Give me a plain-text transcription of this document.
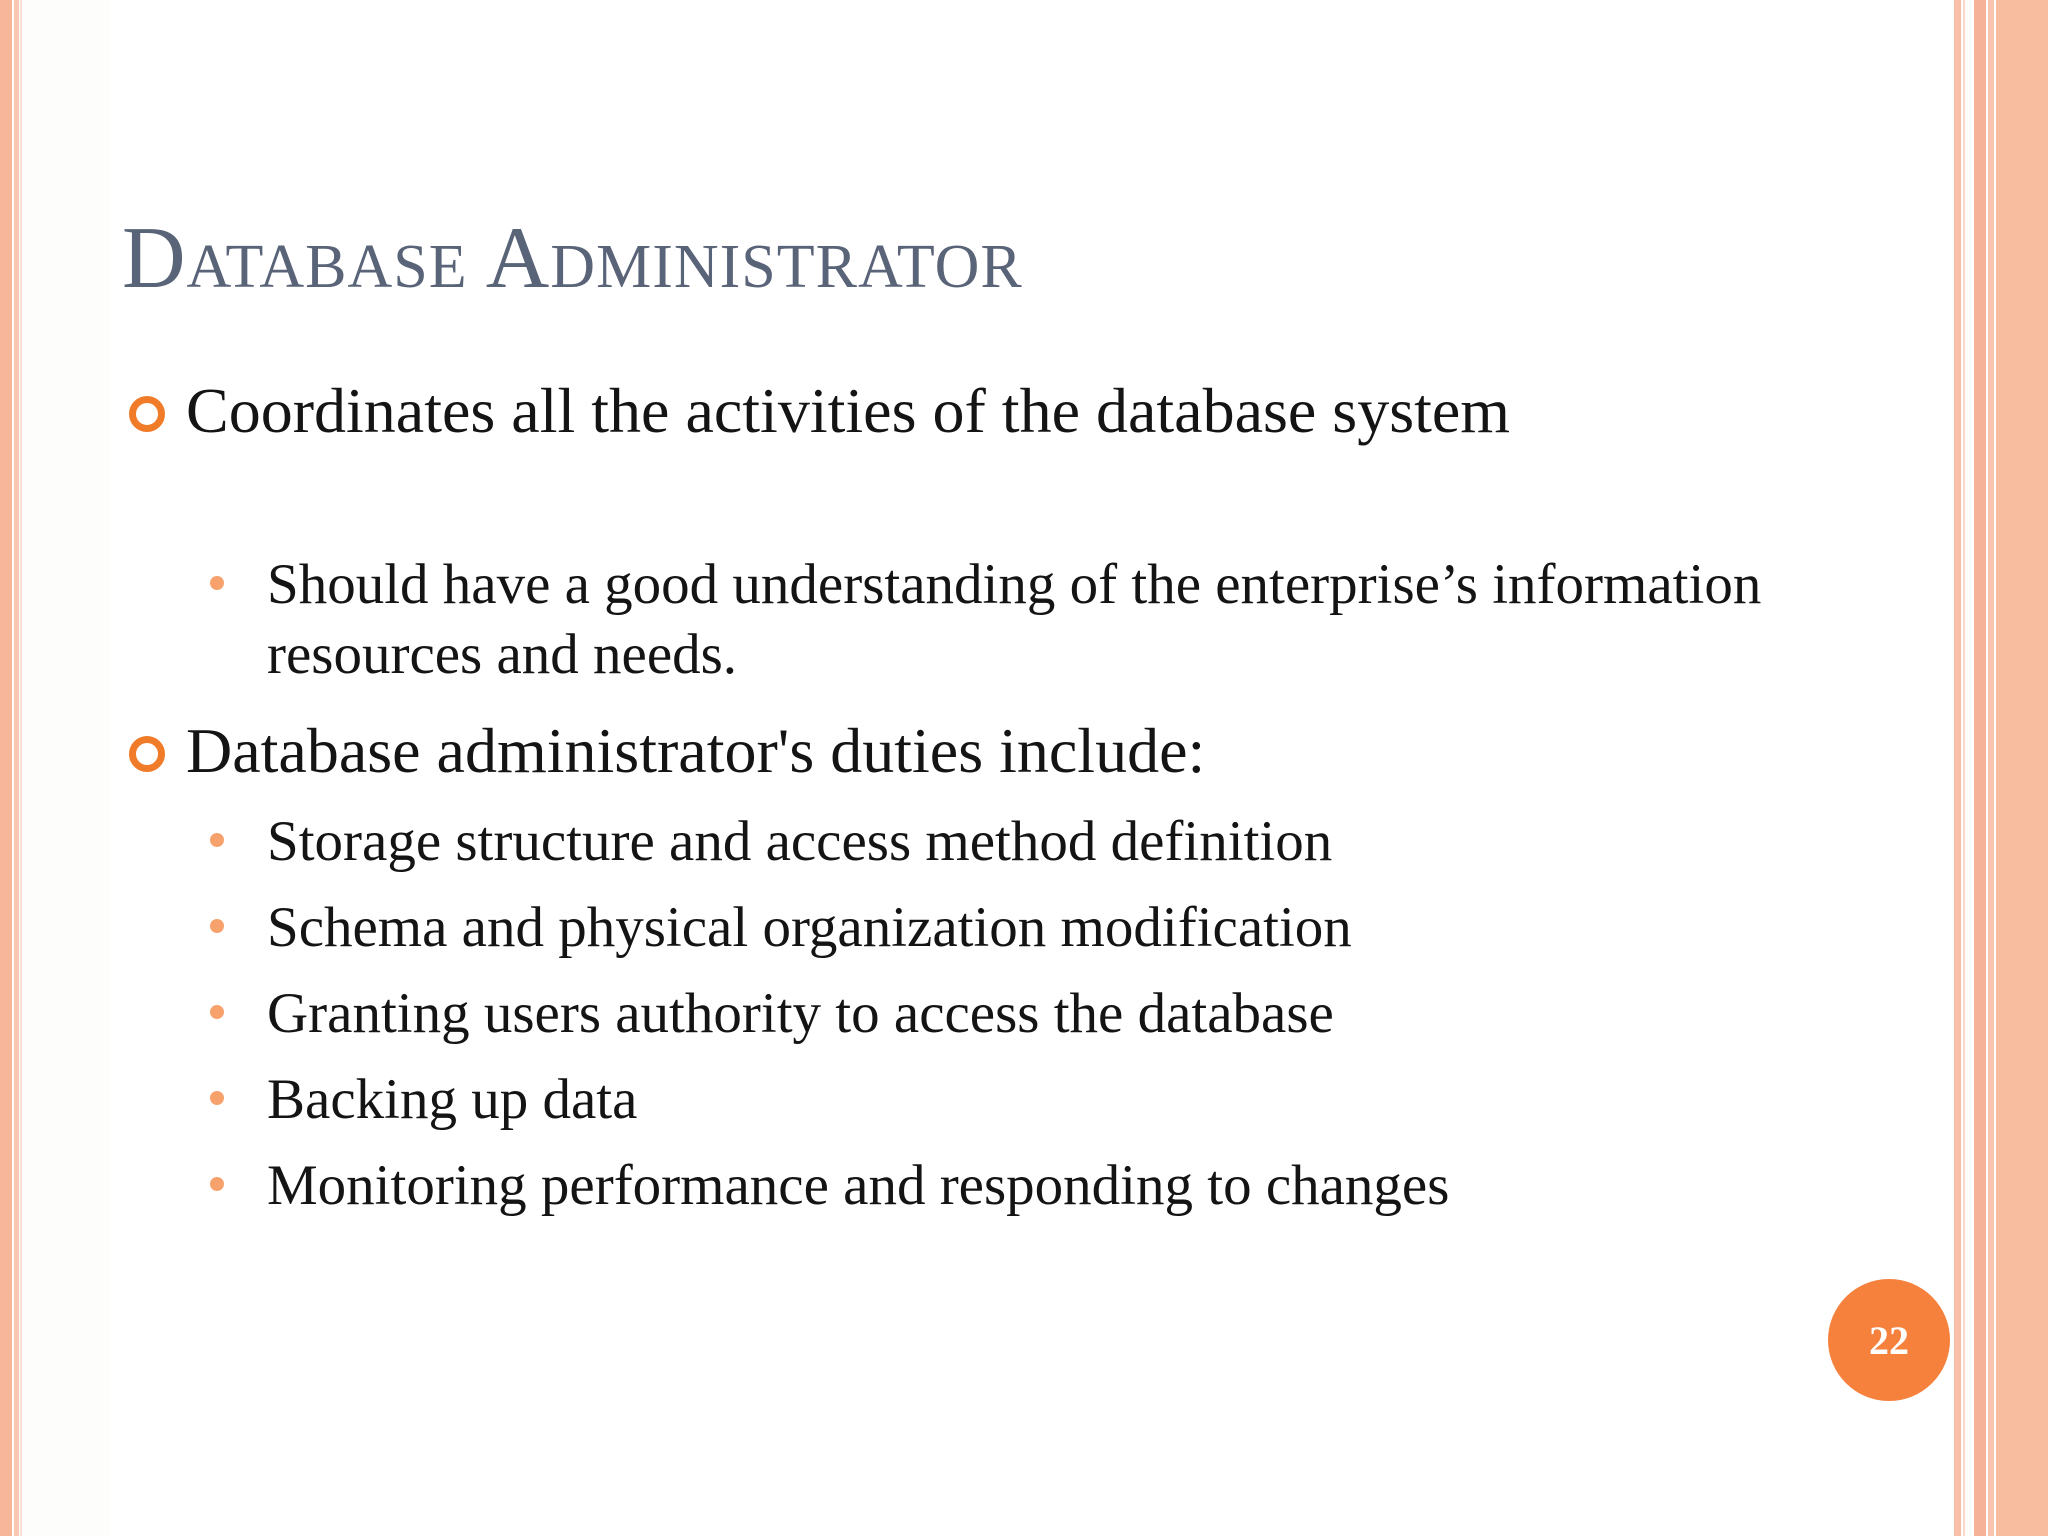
Database Administrator
Coordinates all the activities of the database system
Should have a good understanding of the enterprise’s information resources and needs.
Database administrator's duties include:
Storage structure and access method definition
Schema and physical organization modification
Granting users authority to access the database
Backing up data
Monitoring performance and responding to changes
22
